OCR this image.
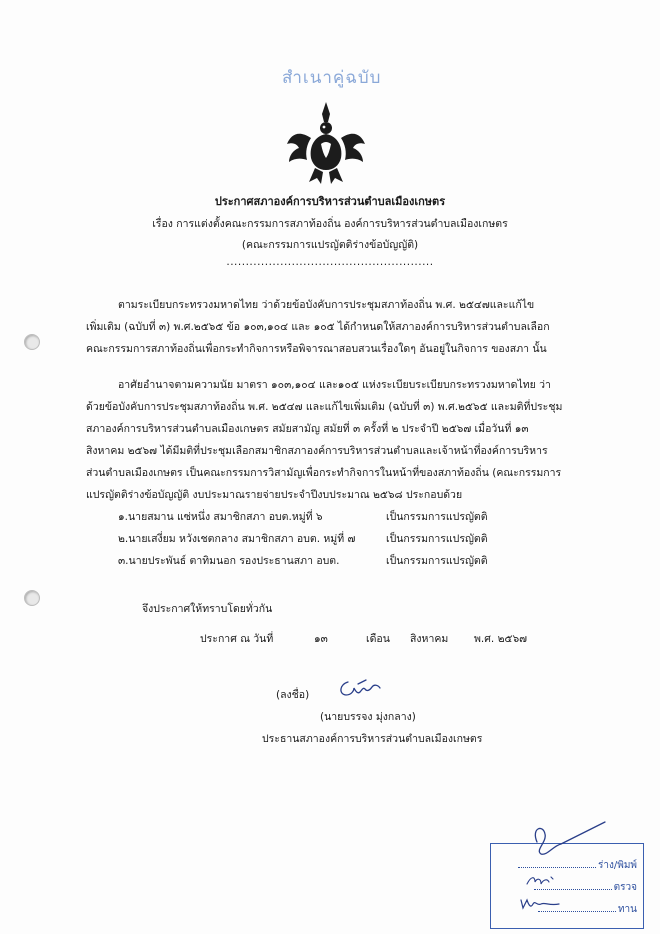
สำเนาคู่ฉบับ
ประกาศสภาองค์การบริหารส่วนตำบลเมืองเกษตร
เรื่อง การแต่งตั้งคณะกรรมการสภาท้องถิ่น องค์การบริหารส่วนตำบลเมืองเกษตร
(คณะกรรมการแปรญัตติร่างข้อบัญญัติ)
......................................................
ตามระเบียบกระทรวงมหาดไทย ว่าด้วยข้อบังคับการประชุมสภาท้องถิ่น พ.ศ. ๒๕๔๗และแก้ไข
เพิ่มเติม (ฉบับที่ ๓) พ.ศ.๒๕๖๕ ข้อ ๑๐๓,๑๐๔ และ ๑๐๕ ได้กำหนดให้สภาองค์การบริหารส่วนตำบลเลือก
คณะกรรมการสภาท้องถิ่นเพื่อกระทำกิจการหรือพิจารณาสอบสวนเรื่องใดๆ อันอยู่ในกิจการ ของสภา นั้น
อาศัยอำนาจตามความนัย มาตรา ๑๐๓,๑๐๔ และ๑๐๕ แห่งระเบียบระเบียบกระทรวงมหาดไทย ว่า
ด้วยข้อบังคับการประชุมสภาท้องถิ่น พ.ศ. ๒๕๔๗ และแก้ไขเพิ่มเติม (ฉบับที่ ๓) พ.ศ.๒๕๖๕ และมติที่ประชุม
สภาองค์การบริหารส่วนตำบลเมืองเกษตร สมัยสามัญ สมัยที่ ๓ ครั้งที่ ๒ ประจำปี ๒๕๖๗ เมื่อวันที่ ๑๓
สิงหาคม ๒๕๖๗ ได้มีมติที่ประชุมเลือกสมาชิกสภาองค์การบริหารส่วนตำบลและเจ้าหน้าที่องค์การบริหาร
ส่วนตำบลเมืองเกษตร เป็นคณะกรรมการวิสามัญเพื่อกระทำกิจการในหน้าที่ของสภาท้องถิ่น (คณะกรรมการ
แปรญัตติร่างข้อบัญญัติ งบประมาณรายจ่ายประจำปีงบประมาณ ๒๕๖๘ ประกอบด้วย
๑.นายสมาน แซ่หนึ่ง สมาชิกสภา อบต.หมู่ที่ ๖	เป็นกรรมการแปรญัตติ
๒.นายเสงี่ยม หวังเชตกลาง สมาชิกสภา อบต. หมู่ที่ ๗	เป็นกรรมการแปรญัตติ
๓.นายประพันธ์ ตาทิมนอก รองประธานสภา อบต.	เป็นกรรมการแปรญัตติ
จึงประกาศให้ทราบโดยทั่วกัน
ประกาศ ณ วันที่	๑๓	เดือน สิงหาคม พ.ศ. ๒๕๖๗
(ลงชื่อ)
(นายบรรจง มุ่งกลาง)
ประธานสภาองค์การบริหารส่วนตำบลเมืองเกษตร
ร่าง/พิมพ์
ตรวจ
ทาน
